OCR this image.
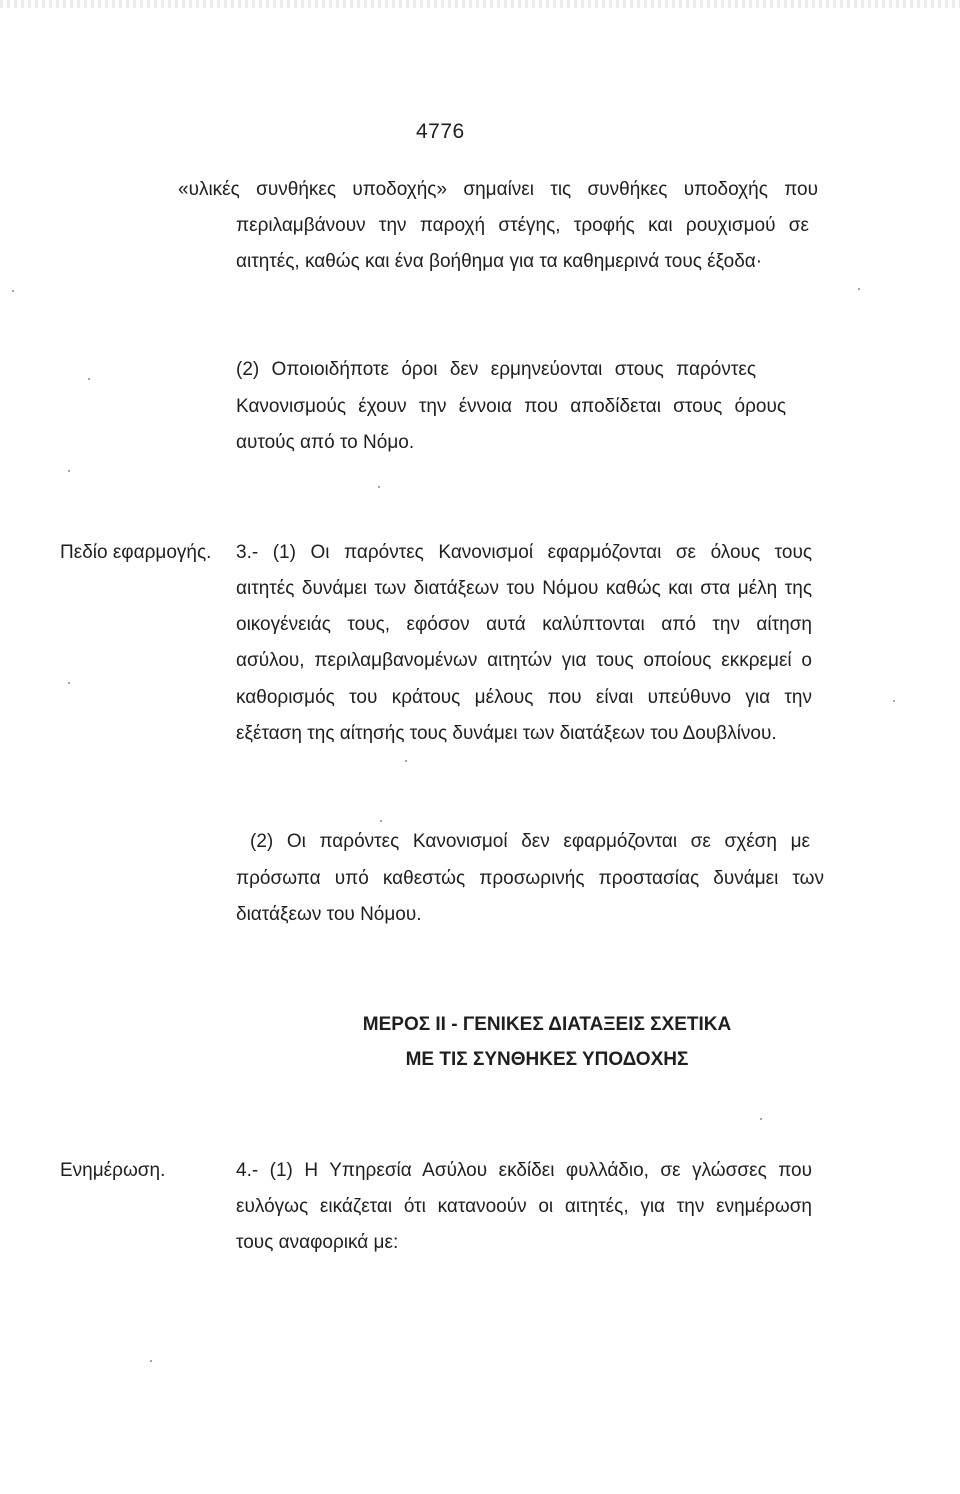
4776
«υλικές συνθήκες υποδοχής» σημαίνει τις συνθήκες υποδοχής που
περιλαμβάνουν την παροχή στέγης, τροφής και ρουχισμού σε
αιτητές, καθώς και ένα βοήθημα για τα καθημερινά τους έξοδα·
(2) Οποιοιδήποτε όροι δεν ερμηνεύονται στους παρόντες
Κανονισμούς έχουν την έννοια που αποδίδεται στους όρους
αυτούς από το Νόμο.
Πεδίο εφαρμογής. 3.- (1) Οι παρόντες Κανονισμοί εφαρμόζονται σε όλους τους
αιτητές δυνάμει των διατάξεων του Νόμου καθώς και στα μέλη της
οικογένειάς τους, εφόσον αυτά καλύπτονται από την αίτηση
ασύλου, περιλαμβανομένων αιτητών για τους οποίους εκκρεμεί ο
καθορισμός του κράτους μέλους που είναι υπεύθυνο για την
εξέταση της αίτησής τους δυνάμει των διατάξεων του Δουβλίνου.
(2) Οι παρόντες Κανονισμοί δεν εφαρμόζονται σε σχέση με
πρόσωπα υπό καθεστώς προσωρινής προστασίας δυνάμει των
διατάξεων του Νόμου.
ΜΕΡΟΣ ΙΙ - ΓΕΝΙΚΕΣ ΔΙΑΤΑΞΕΙΣ ΣΧΕΤΙΚΑ
ΜΕ ΤΙΣ ΣΥΝΘΗΚΕΣ ΥΠΟΔΟΧΗΣ
Ενημέρωση.	4.- (1) Η Υπηρεσία Ασύλου εκδίδει φυλλάδιο, σε γλώσσες που
ευλόγως εικάζεται ότι κατανοούν οι αιτητές, για την ενημέρωση
τους αναφορικά με:
